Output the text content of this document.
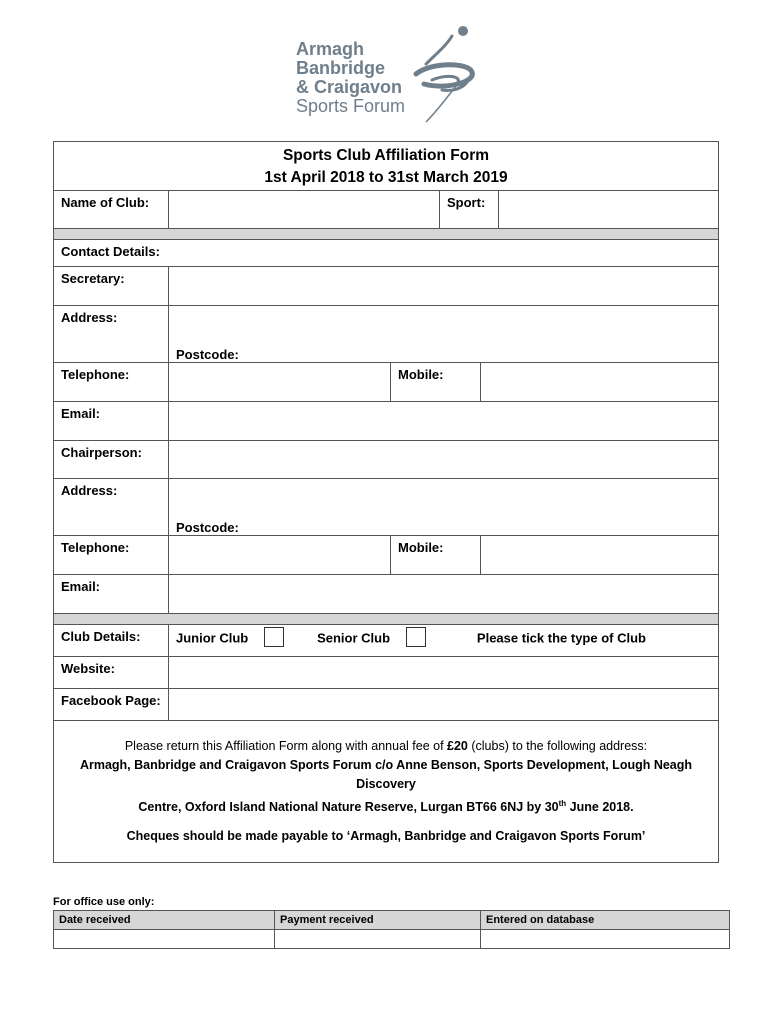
Armagh
Banbridge
& Craigavon
Sports Forum
Sports Club Affiliation Form
1st April 2018 to 31st March 2019
Name of Club:	Sport:
Contact Details:
Secretary:
Address:
Postcode:
Telephone:	Mobile:
Email:
Chairperson:
Address:
Postcode:
Telephone:	Mobile:
Email:
Club Details:	Junior Club	Senior Club	Please tick the type of Club
Website:
Facebook Page:

Please return this Affiliation Form along with annual fee of £20 (clubs) to the following address:

Armagh, Banbridge and Craigavon Sports Forum c/o Anne Benson, Sports Development, Lough Neagh Discovery

Centre, Oxford Island National Nature Reserve, Lurgan BT66 6NJ by 30th June 2018.

Cheques should be made payable to ‘Armagh, Banbridge and Craigavon Sports Forum’

For office use only:
Date received	Payment received	Entered on database
